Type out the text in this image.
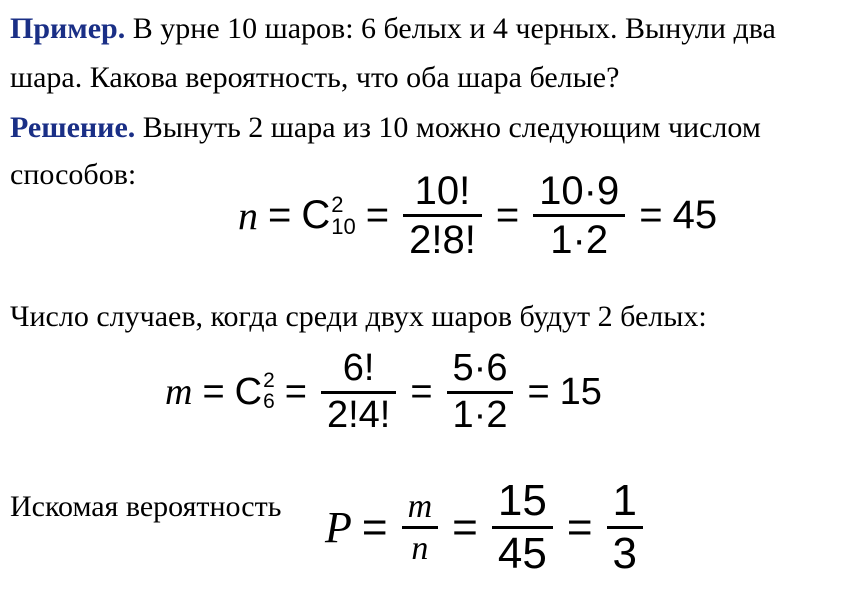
Пример. В урне 10 шаров: 6 белых и 4 черных. Вынули два
шара. Какова вероятность, что оба шара белые?
Решение. Вынуть 2 шара из 10 можно следующим числом
способов:
n = C 2
$10 = \frac{10!}{2!8!} = \frac{10\cdot 9}{1\cdot 2} = 45$
Число случаев, когда среди двух шаров будут 2 белых:
m = C 2
$6 = \frac{6!}{2!4!} = \frac{5\cdot 6}{1\cdot 2} = 15$
Искомая вероятность $P = \frac{m}{n} = \frac{15}{45} = \frac{1}{3}$
